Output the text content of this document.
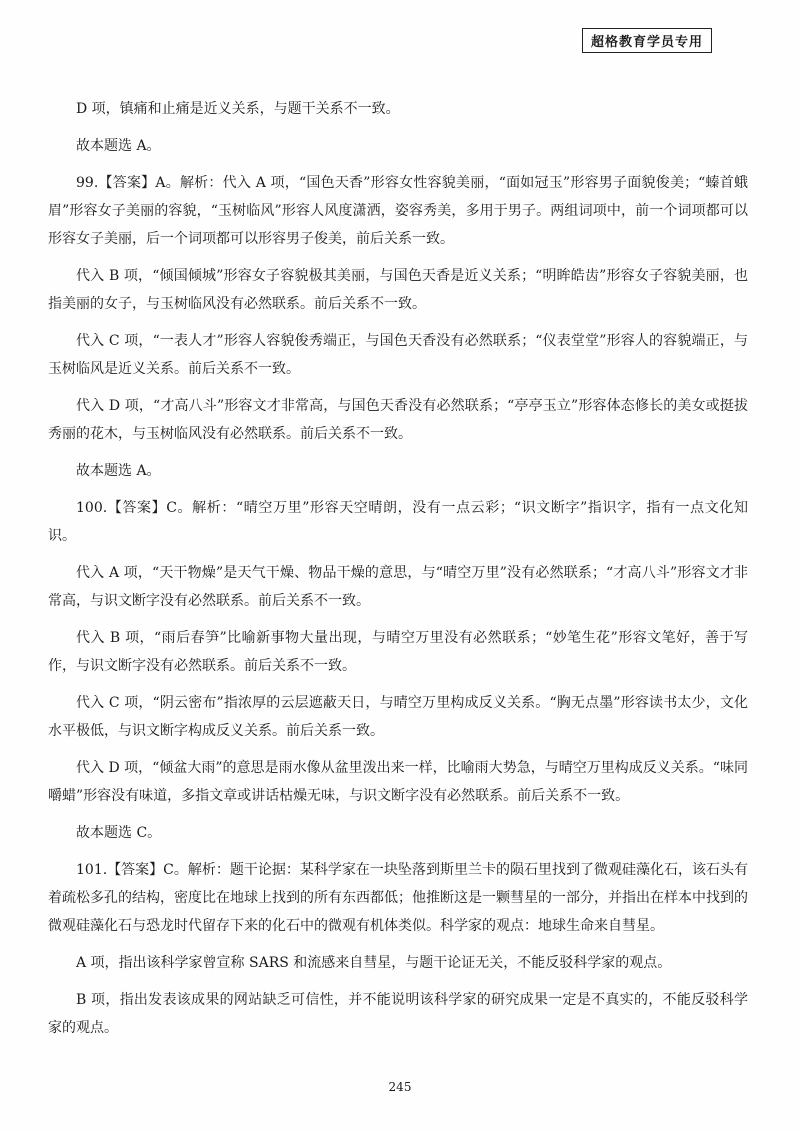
超格教育学员专用

D 项，镇痛和止痛是近义关系，与题干关系不一致。

故本题选 A。

99.【答案】A。解析：代入 A 项，“国色天香”形容女性容貌美丽，“面如冠玉”形容男子面貌俊美；“螓首蛾眉”形容女子美丽的容貌，“玉树临风”形容人风度潇洒，姿容秀美，多用于男子。两组词项中，前一个词项都可以形容女子美丽，后一个词项都可以形容男子俊美，前后关系一致。

代入 B 项，“倾国倾城”形容女子容貌极其美丽，与国色天香是近义关系；“明眸皓齿”形容女子容貌美丽，也指美丽的女子，与玉树临风没有必然联系。前后关系不一致。

代入 C 项，“一表人才”形容人容貌俊秀端正，与国色天香没有必然联系；“仪表堂堂”形容人的容貌端正，与玉树临风是近义关系。前后关系不一致。

代入 D 项，“才高八斗”形容文才非常高，与国色天香没有必然联系；“亭亭玉立”形容体态修长的美女或挺拔秀丽的花木，与玉树临风没有必然联系。前后关系不一致。

故本题选 A。

100.【答案】C。解析：“晴空万里”形容天空晴朗，没有一点云彩；“识文断字”指识字，指有一点文化知识。

代入 A 项，“天干物燥”是天气干燥、物品干燥的意思，与“晴空万里”没有必然联系；“才高八斗”形容文才非常高，与识文断字没有必然联系。前后关系不一致。

代入 B 项，“雨后春笋”比喻新事物大量出现，与晴空万里没有必然联系；“妙笔生花”形容文笔好，善于写作，与识文断字没有必然联系。前后关系不一致。

代入 C 项，“阴云密布”指浓厚的云层遮蔽天日，与晴空万里构成反义关系。“胸无点墨”形容读书太少，文化水平极低，与识文断字构成反义关系。前后关系一致。

代入 D 项，“倾盆大雨”的意思是雨水像从盆里泼出来一样，比喻雨大势急，与晴空万里构成反义关系。“味同嚼蜡”形容没有味道，多指文章或讲话枯燥无味，与识文断字没有必然联系。前后关系不一致。

故本题选 C。

101.【答案】C。解析：题干论据：某科学家在一块坠落到斯里兰卡的陨石里找到了微观硅藻化石，该石头有着疏松多孔的结构，密度比在地球上找到的所有东西都低；他推断这是一颗彗星的一部分，并指出在样本中找到的微观硅藻化石与恐龙时代留存下来的化石中的微观有机体类似。科学家的观点：地球生命来自彗星。

A 项，指出该科学家曾宣称 SARS 和流感来自彗星，与题干论证无关，不能反驳科学家的观点。

B 项，指出发表该成果的网站缺乏可信性，并不能说明该科学家的研究成果一定是不真实的，不能反驳科学家的观点。

245
